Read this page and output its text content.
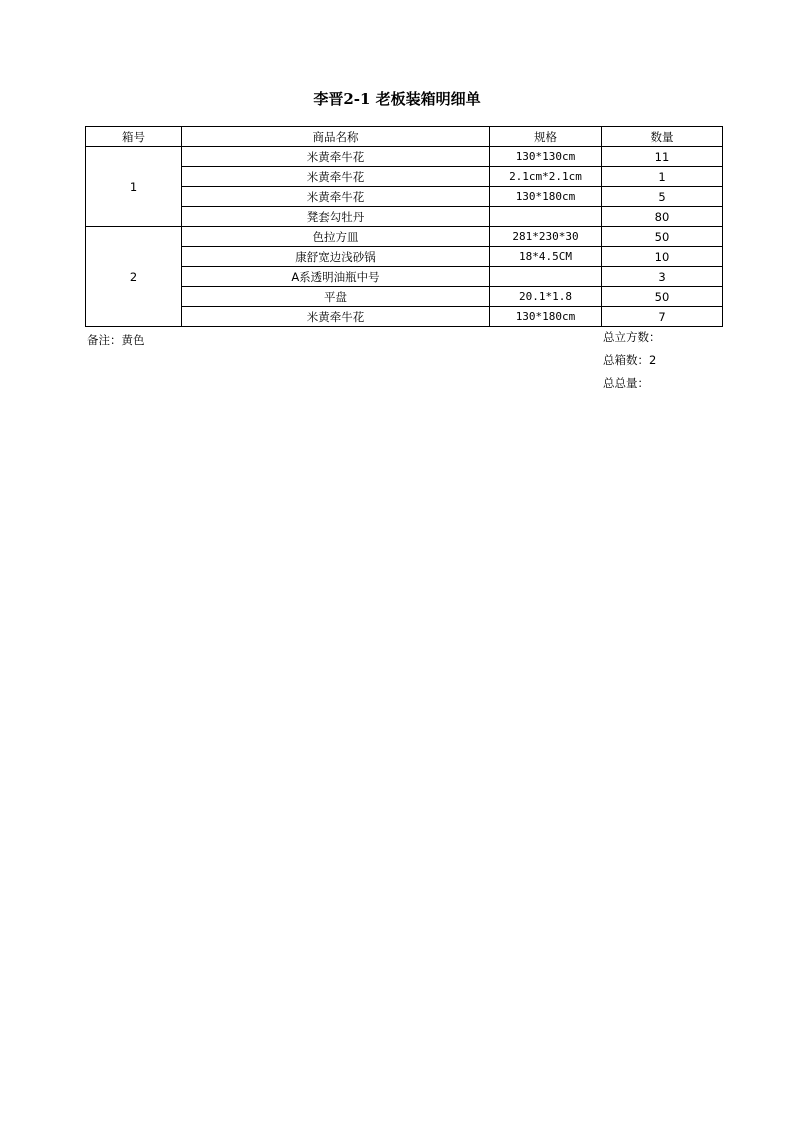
李晋2-1 老板装箱明细单
箱号	商品名称	规格	数量
1	米黄牵牛花	130*130cm	11
	米黄牵牛花	2.1cm*2.1cm	1
	米黄牵牛花	130*180cm	5
	凳套勾牡丹		80
2	色拉方皿	281*230*30	50
	康舒宽边浅砂锅	18*4.5CM	10
	A系透明油瓶中号		3
	平盘	20.1*1.8	50
	米黄牵牛花	130*180cm	7
备注：黄色	总立方数：
总箱数：2
总总量：
